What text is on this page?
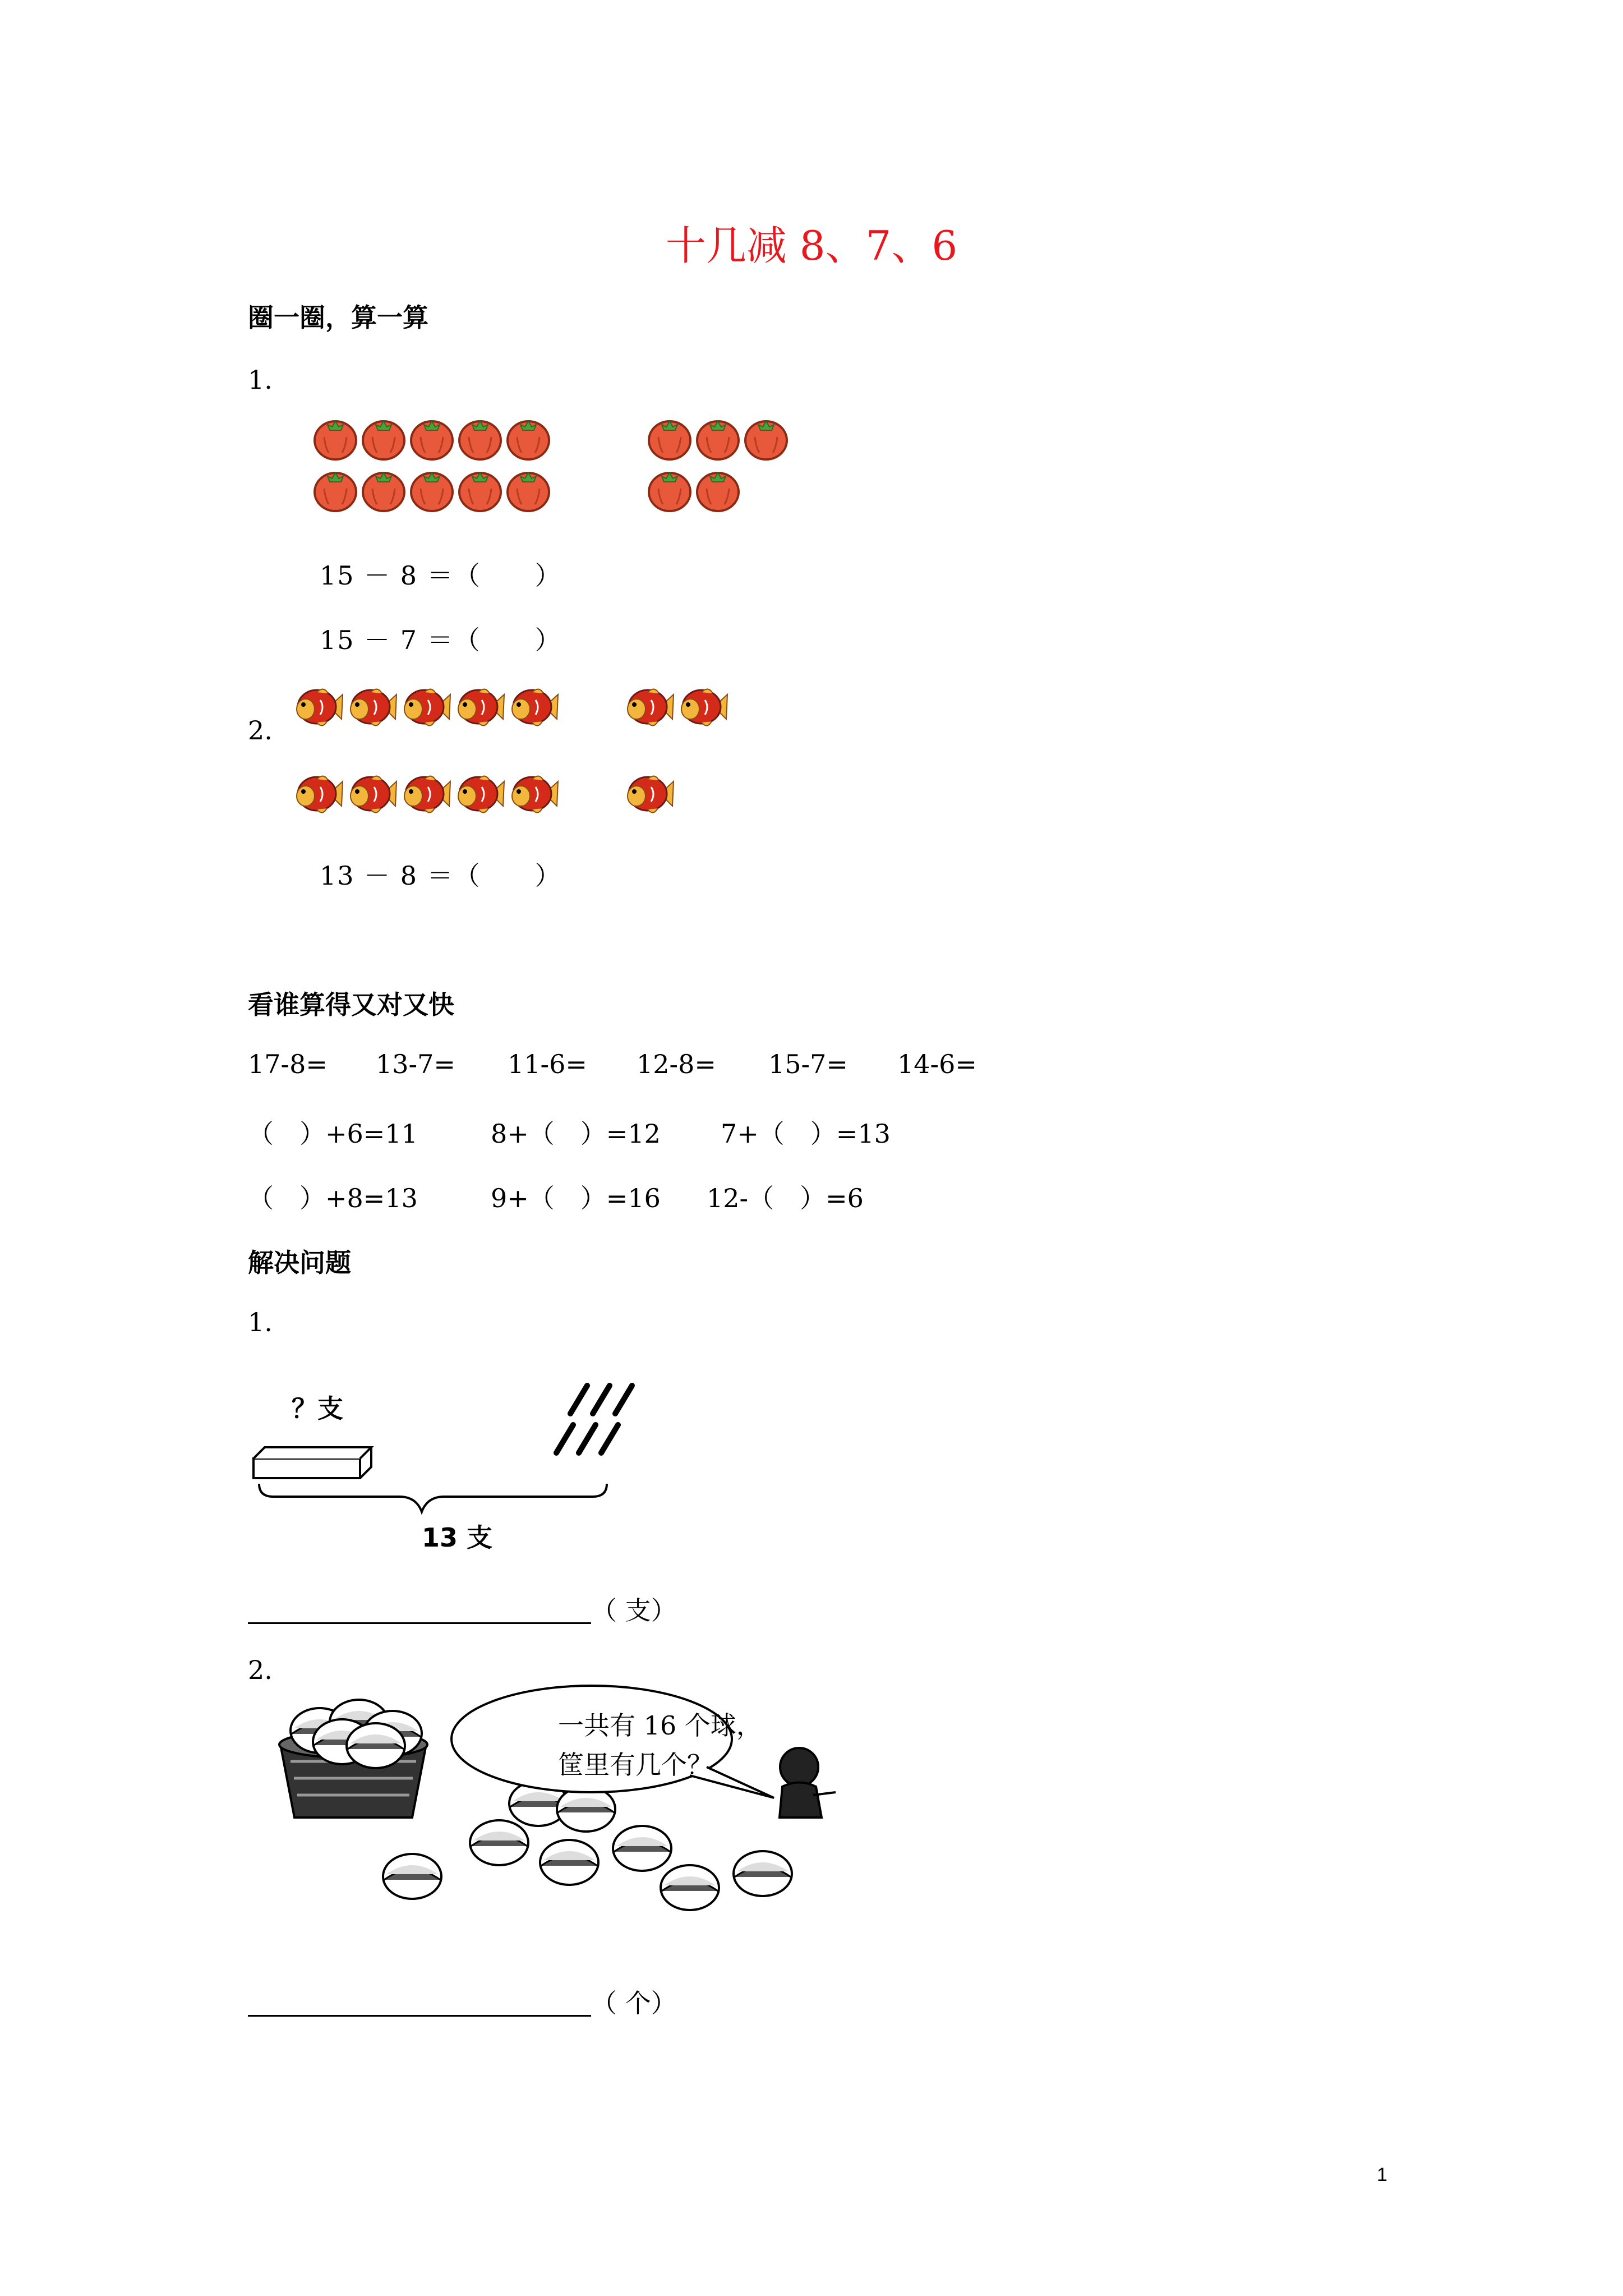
十几减 8、7、6
圈一圈，算一算
1.
15 － 8 ＝（　　）
15 － 7 ＝（　　）
2.
13 － 8 ＝（　　）
看谁算得又对又快
17-8= 13-7= 11-6= 12-8= 15-7= 14-6=
（　）+6=11	8+（　）=12 7+（　）=13
（　）+8=13	9+（　）=16 12-（　）=6
解决问题
1.
？支
13 支
（ 支）
2.
一共有 16 个球，
筐里有几个？
（ 个）
1
